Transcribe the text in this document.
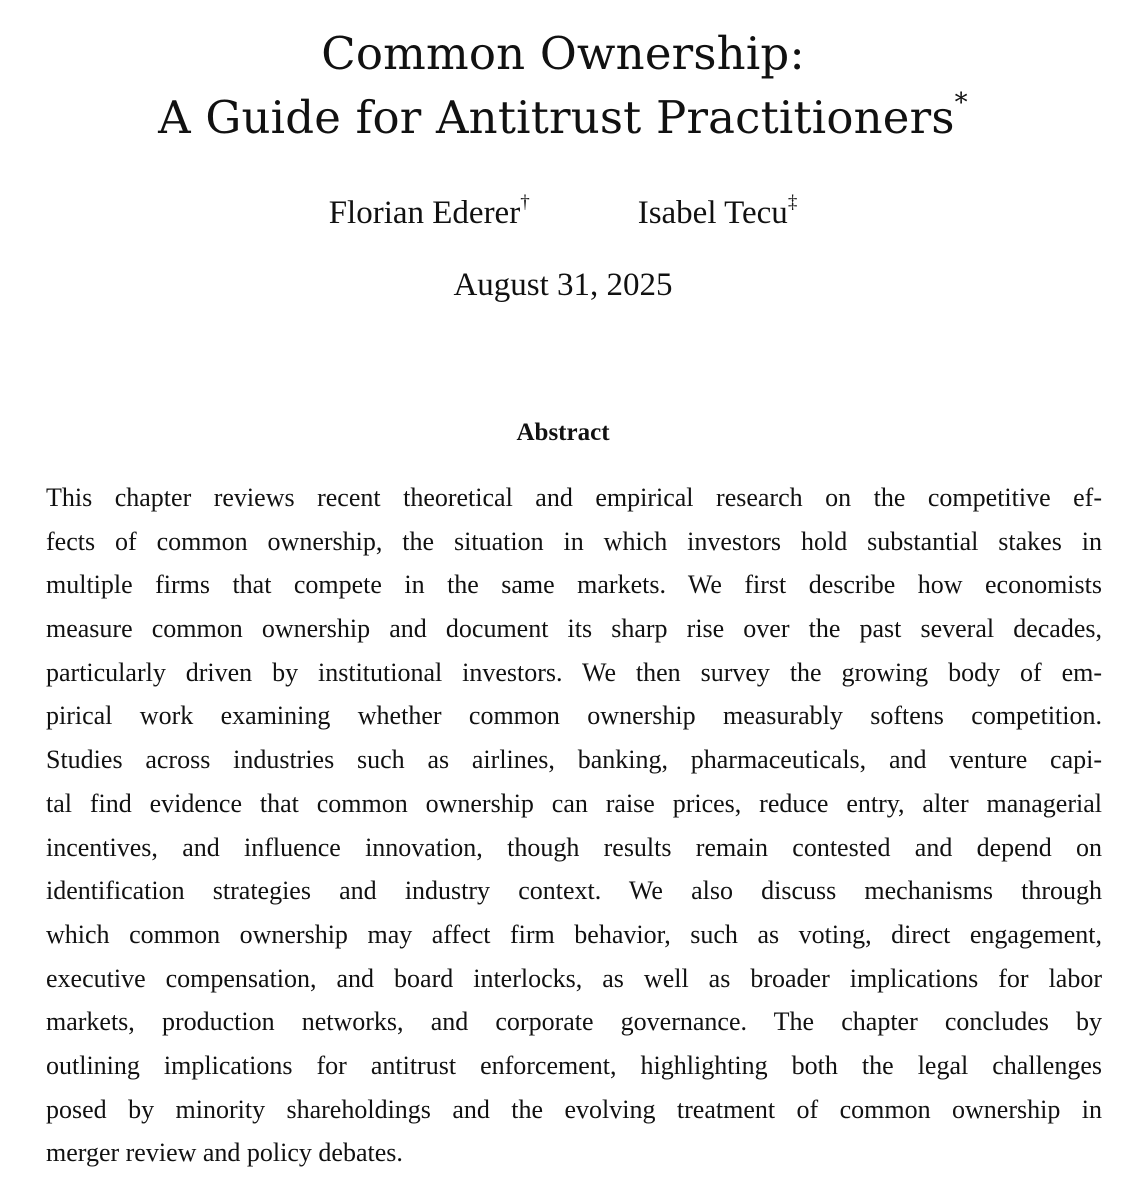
Common Ownership:
A Guide for Antitrust Practitioners*
Florian Ederer†	Isabel Tecu‡
August 31, 2025
Abstract
This chapter reviews recent theoretical and empirical research on the competitive ef-
fects of common ownership, the situation in which investors hold substantial stakes in
multiple firms that compete in the same markets. We first describe how economists
measure common ownership and document its sharp rise over the past several decades,
particularly driven by institutional investors. We then survey the growing body of em-
pirical work examining whether common ownership measurably softens competition.
Studies across industries such as airlines, banking, pharmaceuticals, and venture capi-
tal find evidence that common ownership can raise prices, reduce entry, alter managerial
incentives, and influence innovation, though results remain contested and depend on
identification strategies and industry context. We also discuss mechanisms through
which common ownership may affect firm behavior, such as voting, direct engagement,
executive compensation, and board interlocks, as well as broader implications for labor
markets, production networks, and corporate governance. The chapter concludes by
outlining implications for antitrust enforcement, highlighting both the legal challenges
posed by minority shareholdings and the evolving treatment of common ownership in
merger review and policy debates.
